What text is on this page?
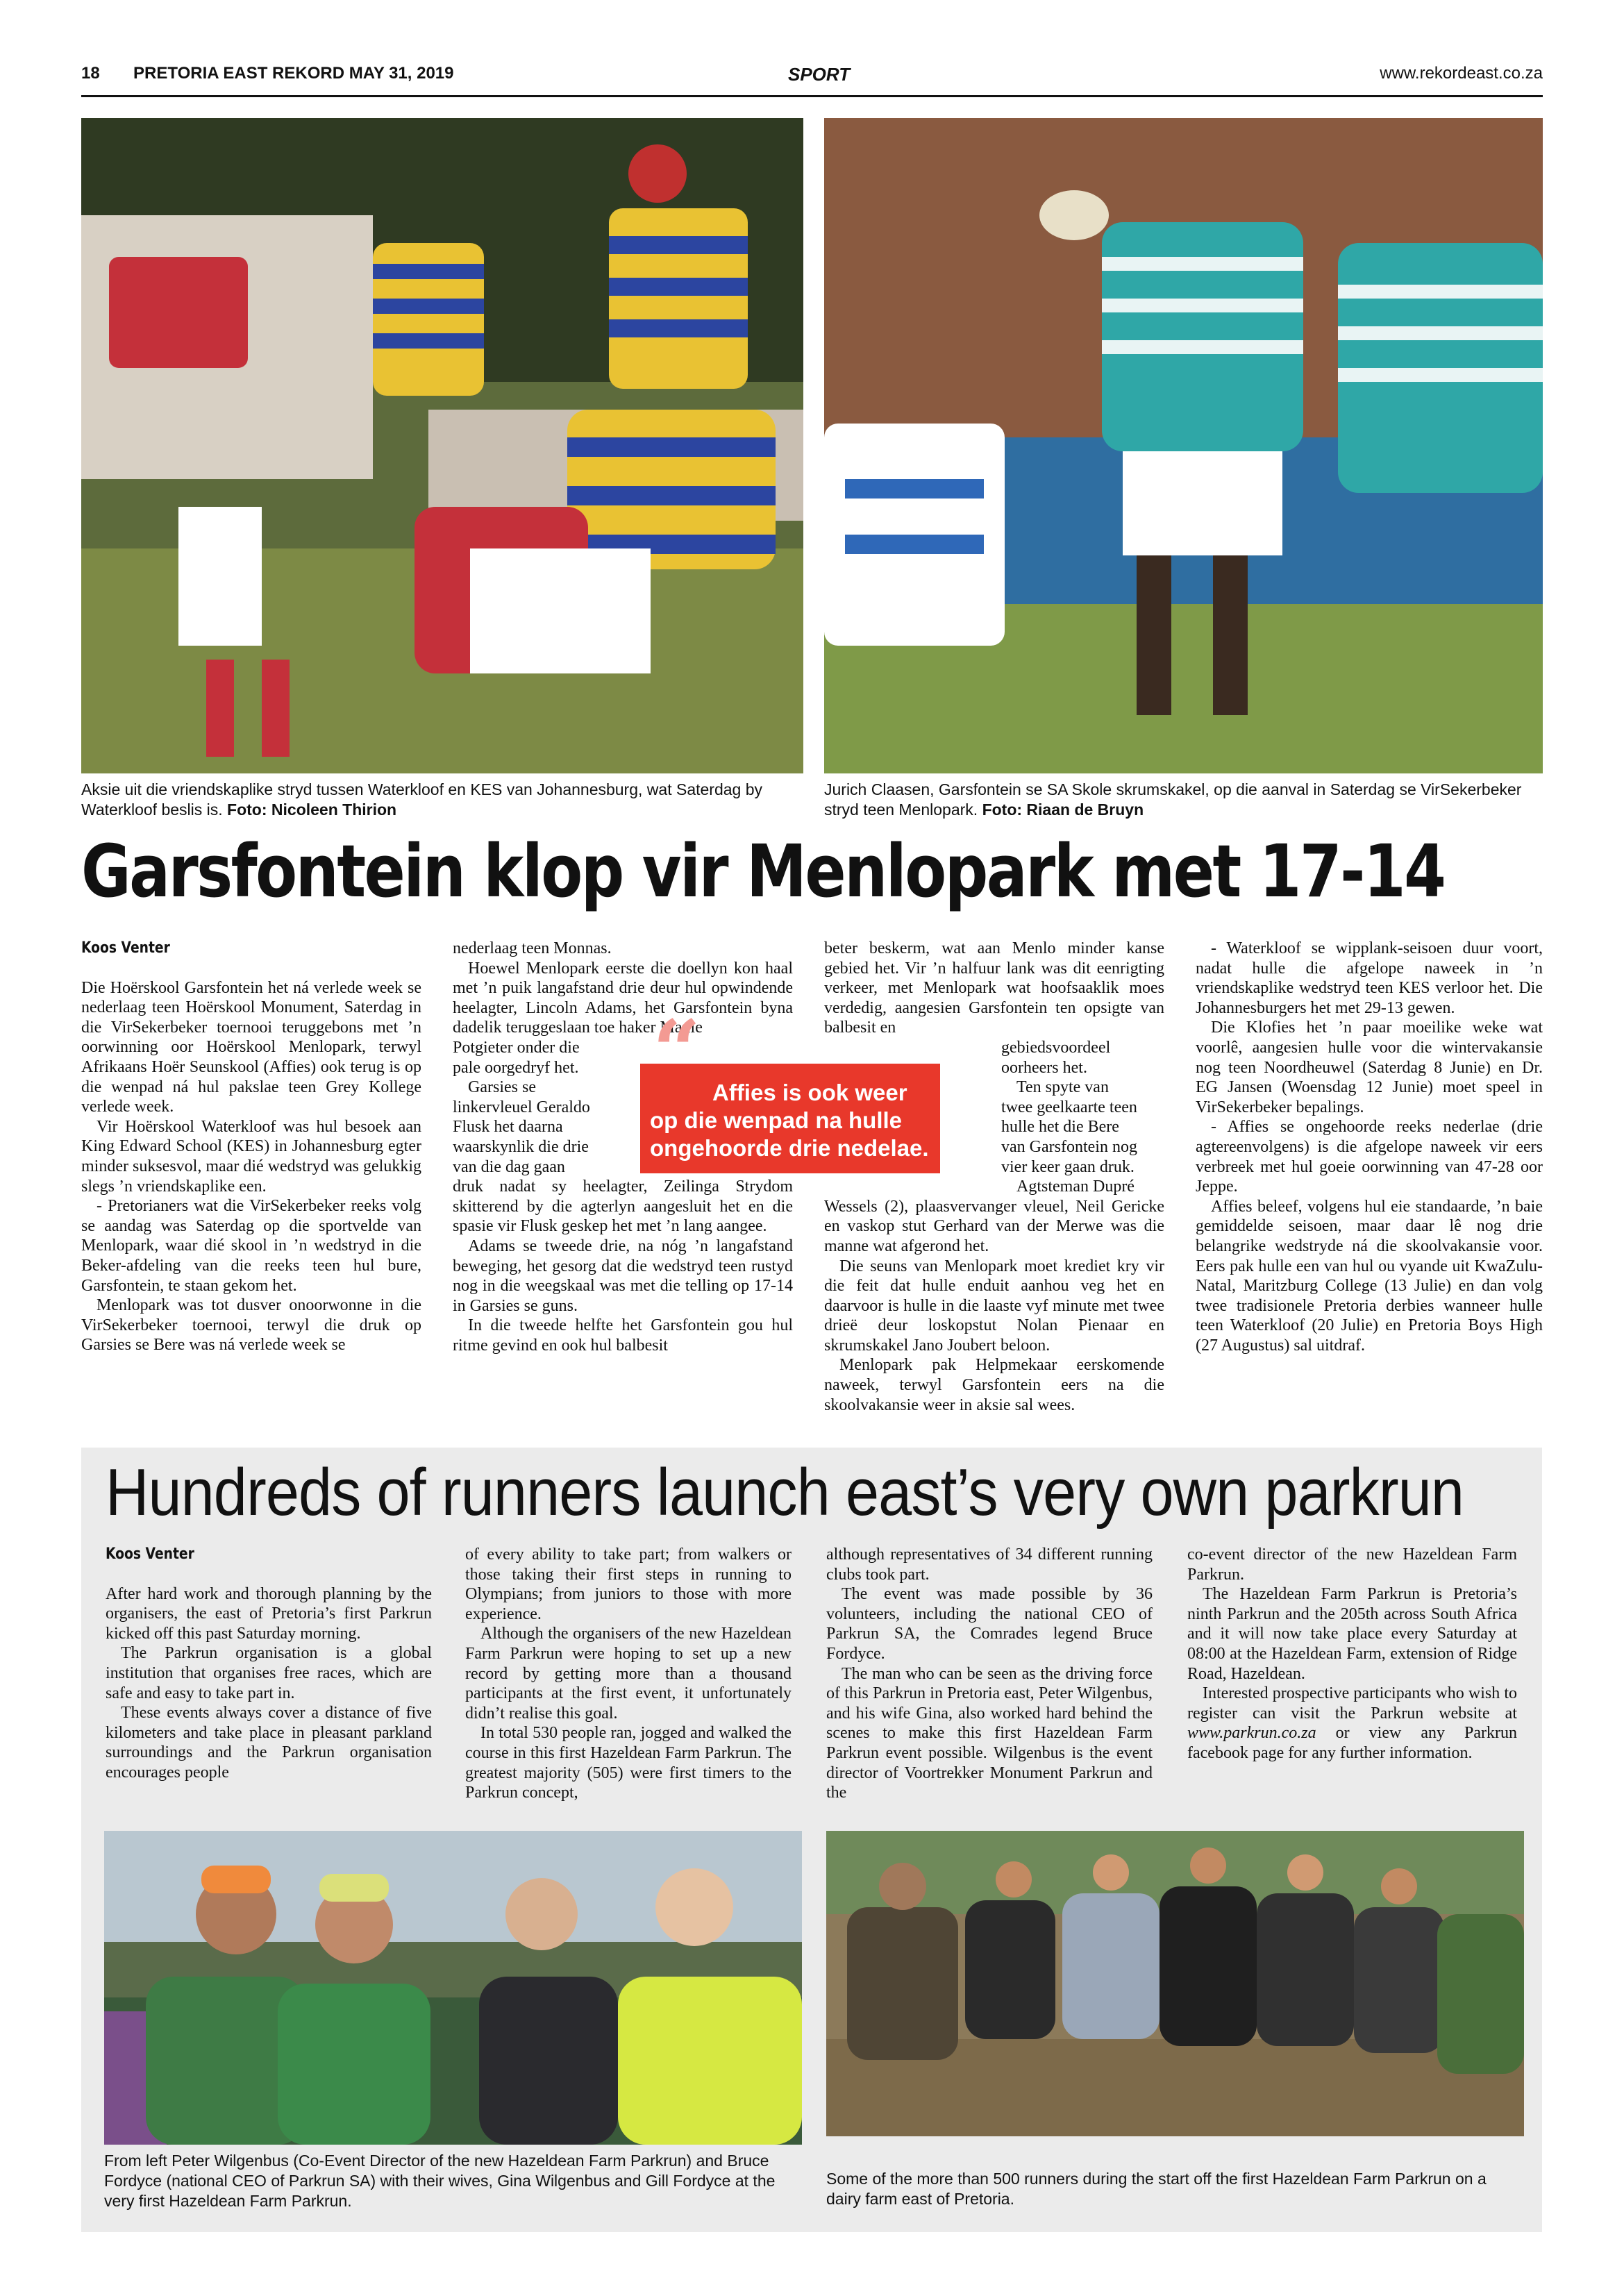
18 PRETORIA EAST REKORD MAY 31, 2019	SPORT	www.rekordeast.co.za
Aksie uit die vriendskaplike stryd tussen Waterkloof en KES van Johannesburg, wat Saterdag by Waterkloof beslis is. Foto: Nicoleen Thirion
Jurich Claasen, Garsfontein se SA Skole skrumskakel, op die aanval in Saterdag se VirSekerbeker stryd teen Menlopark. Foto: Riaan de Bruyn
Garsfontein klop vir Menlopark met 17-14
Koos Venter

Die Hoërskool Garsfontein het ná verlede week se nederlaag teen Hoërskool Monument, Saterdag in die VirSekerbeker toernooi teruggebons met ’n oorwinning oor Hoërskool Menlopark, terwyl Afrikaans Hoër Seunskool (Affies) ook terug is op die wenpad ná hul pakslae teen Grey Kollege verlede week.

Vir Hoërskool Waterkloof was hul besoek aan King Edward School (KES) in Johannesburg egter minder suksesvol, maar dié wedstryd was gelukkig slegs ’n vriendskaplike een.

- Pretorianers wat die VirSekerbeker reeks volg se aandag was Saterdag op die sportvelde van Menlopark, waar dié skool in ’n wedstryd in die Beker-afdeling van die reeks teen hul bure, Garsfontein, te staan gekom het.

Menlopark was tot dusver onoorwonne in die VirSekerbeker toernooi, terwyl die druk op Garsies se Bere was ná verlede week se

nederlaag teen Monnas.

Hoewel Menlopark eerste die doellyn kon haal met ’n puik langafstand drie deur hul opwindende heelagter, Lincoln Adams, het Garsfontein byna dadelik teruggeslaan toe haker Manie

Potgieter onder die
pale oorgedryf het.
Garsies se
linkervleuel Geraldo
Flusk het daarna
waarskynlik die drie
van die dag gaan

druk nadat sy heelagter, Zeilinga Strydom skitterend by die agterlyn aangesluit het en die spasie vir Flusk geskep het met ’n lang aangee.

Adams se tweede drie, na nóg ’n langafstand beweging, het gesorg dat die wedstryd teen rustyd nog in die weegskaal was met die telling op 17-14 in Garsies se guns.

In die tweede helfte het Garsfontein gou hul ritme gevind en ook hul balbesit

beter beskerm, wat aan Menlo minder kanse gebied het. Vir ’n halfuur lank was dit eenrigting verkeer, met Menlopark wat hoofsaaklik moes verdedig, aangesien Garsfontein ten opsigte van balbesit en

gebiedsvoordeel
oorheers het.
Ten spyte van
twee geelkaarte teen
hulle het die Bere
van Garsfontein nog
vier keer gaan druk.
Agtsteman Dupré

Wessels (2), plaasvervanger vleuel, Neil Gericke en vaskop stut Gerhard van der Merwe was die manne wat afgerond het.

Die seuns van Menlopark moet krediet kry vir die feit dat hulle enduit aanhou veg het en daarvoor is hulle in die laaste vyf minute met twee drieë deur loskopstut Nolan Pienaar en skrumskakel Jano Joubert beloon.

Menlopark pak Helpmekaar eerskomende naweek, terwyl Garsfontein eers na die skoolvakansie weer in aksie sal wees.

- Waterkloof se wipplank-seisoen duur voort, nadat hulle die afgelope naweek in ’n vriendskaplike wedstryd teen KES verloor het. Die Johannesburgers het met 29-13 gewen.

Die Klofies het ’n paar moeilike weke wat voorlê, aangesien hulle voor die wintervakansie nog teen Noordheuwel (Saterdag 8 Junie) en Dr. EG Jansen (Woensdag 12 Junie) moet speel in VirSekerbeker bepalings.

- Affies se ongehoorde reeks nederlae (drie agtereenvolgens) is die afgelope naweek vir eers verbreek met hul goeie oorwinning van 47-28 oor Jeppe.

Affies beleef, volgens hul eie standaarde, ’n baie gemiddelde seisoen, maar daar lê nog drie belangrike wedstryde ná die skoolvakansie voor. Eers pak hulle een van hul ou vyande uit KwaZulu-Natal, Maritzburg College (13 Julie) en dan volg twee tradisionele Pretoria derbies wanneer hulle teen Waterkloof (20 Julie) en Pretoria Boys High (27 Augustus) sal uitdraf.

“ Affies is ook weer op die wenpad na hulle ongehoorde drie nedelae.
Hundreds of runners launch east’s very own parkrun
Koos Venter

After hard work and thorough planning by the organisers, the east of Pretoria’s first Parkrun kicked off this past Saturday morning.

The Parkrun organisation is a global institution that organises free races, which are safe and easy to take part in.

These events always cover a distance of five kilometers and take place in pleasant parkland surroundings and the Parkrun organisation encourages people

of every ability to take part; from walkers or those taking their first steps in running to Olympians; from juniors to those with more experience.

Although the organisers of the new Hazeldean Farm Parkrun were hoping to set up a new record by getting more than a thousand participants at the first event, it unfortunately didn’t realise this goal.

In total 530 people ran, jogged and walked the course in this first Hazeldean Farm Parkrun. The greatest majority (505) were first timers to the Parkrun concept,

although representatives of 34 different running clubs took part.

The event was made possible by 36 volunteers, including the national CEO of Parkrun SA, the Comrades legend Bruce Fordyce.

The man who can be seen as the driving force of this Parkrun in Pretoria east, Peter Wilgenbus, and his wife Gina, also worked hard behind the scenes to make this first Hazeldean Farm Parkrun event possible. Wilgenbus is the event director of Voortrekker Monument Parkrun and the

co-event director of the new Hazeldean Farm Parkrun.

The Hazeldean Farm Parkrun is Pretoria’s ninth Parkrun and the 205th across South Africa and it will now take place every Saturday at 08:00 at the Hazeldean Farm, extension of Ridge Road, Hazeldean.

Interested prospective participants who wish to register can visit the Parkrun website at www.parkrun.co.za or view any Parkrun facebook page for any further information.

From left Peter Wilgenbus (Co-Event Director of the new Hazeldean Farm Parkrun) and Bruce Fordyce (national CEO of Parkrun SA) with their wives, Gina Wilgenbus and Gill Fordyce at the very first Hazeldean Farm Parkrun.
Some of the more than 500 runners during the start off the first Hazeldean Farm Parkrun on a dairy farm east of Pretoria.
